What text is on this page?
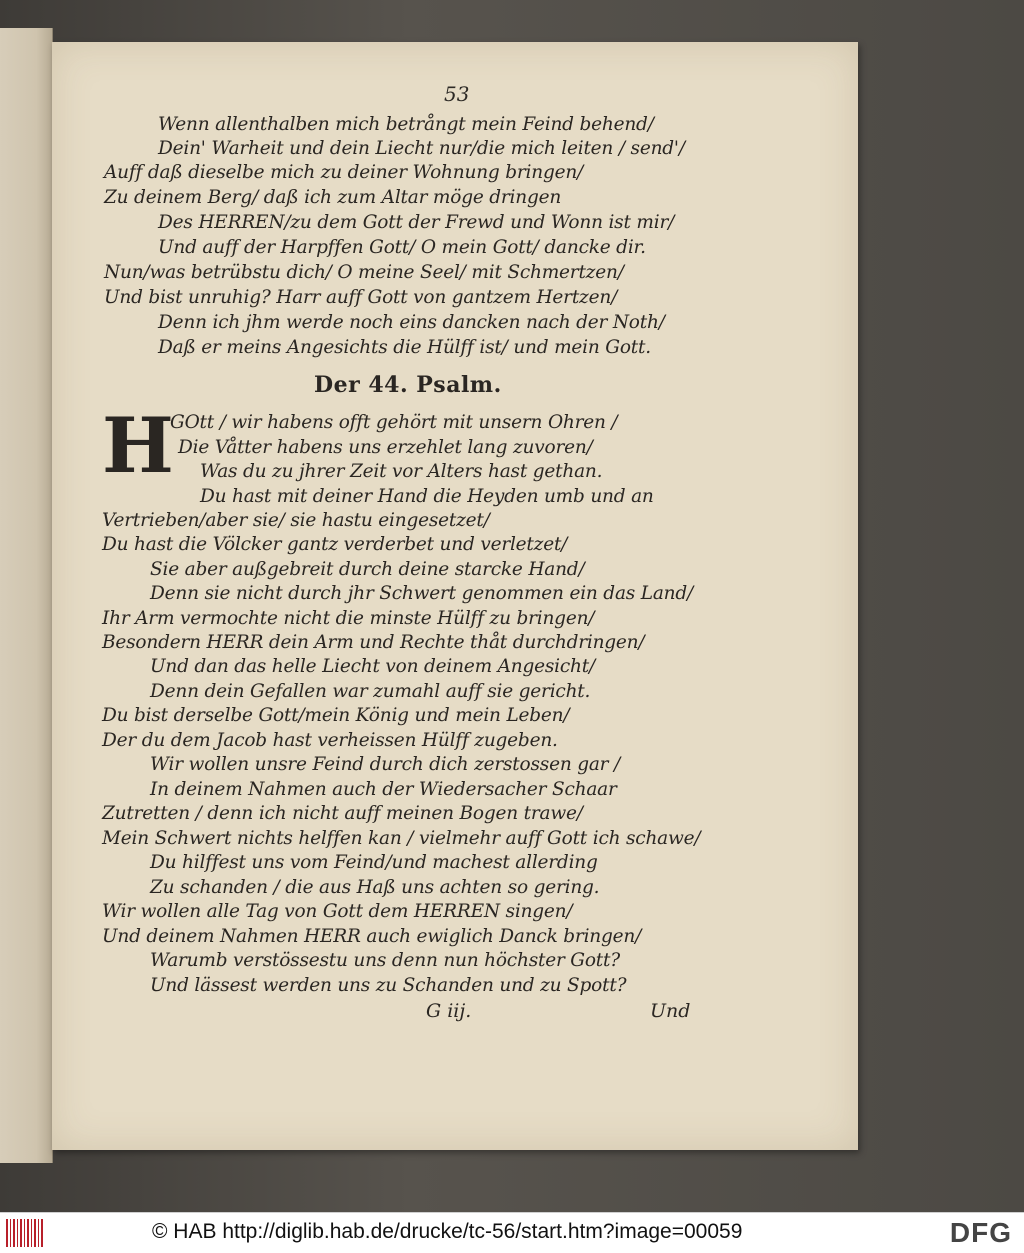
53
Wenn allenthalben mich betrångt mein Feind behend/
Dein' Warheit und dein Liecht nur/die mich leiten / send'/
Auff daß dieselbe mich zu deiner Wohnung bringen/
Zu deinem Berg/ daß ich zum Altar möge dringen
Des HERREN/zu dem Gott der Frewd und Wonn ist mir/
Und auff der Harpffen Gott/ O mein Gott/ dancke dir.
Nun/was betrübstu dich/ O meine Seel/ mit Schmertzen/
Und bist unruhig? Harr auff Gott von gantzem Hertzen/
Denn ich jhm werde noch eins dancken nach der Noth/
Daß er meins Angesichts die Hülff ist/ und mein Gott.
Der 44. Psalm.
H
GOtt / wir habens offt gehört mit unsern Ohren /
Die Våtter habens uns erzehlet lang zuvoren/
Was du zu jhrer Zeit vor Alters hast gethan.
Du hast mit deiner Hand die Heyden umb und an
Vertrieben/aber sie/ sie hastu eingesetzet/
Du hast die Völcker gantz verderbet und verletzet/
Sie aber außgebreit durch deine starcke Hand/
Denn sie nicht durch jhr Schwert genommen ein das Land/
Ihr Arm vermochte nicht die minste Hülff zu bringen/
Besondern HERR dein Arm und Rechte thåt durchdringen/
Und dan das helle Liecht von deinem Angesicht/
Denn dein Gefallen war zumahl auff sie gericht.
Du bist derselbe Gott/mein König und mein Leben/
Der du dem Jacob hast verheissen Hülff zugeben.
Wir wollen unsre Feind durch dich zerstossen gar /
In deinem Nahmen auch der Wiedersacher Schaar
Zutretten / denn ich nicht auff meinen Bogen trawe/
Mein Schwert nichts helffen kan / vielmehr auff Gott ich schawe/
Du hilffest uns vom Feind/und machest allerding
Zu schanden / die aus Haß uns achten so gering.
Wir wollen alle Tag von Gott dem HERREN singen/
Und deinem Nahmen HERR auch ewiglich Danck bringen/
Warumb verstössestu uns denn nun höchster Gott?
Und lässest werden uns zu Schanden und zu Spott?
G iij.	Und
© HAB http://diglib.hab.de/drucke/tc-56/start.htm?image=00059	DFG
